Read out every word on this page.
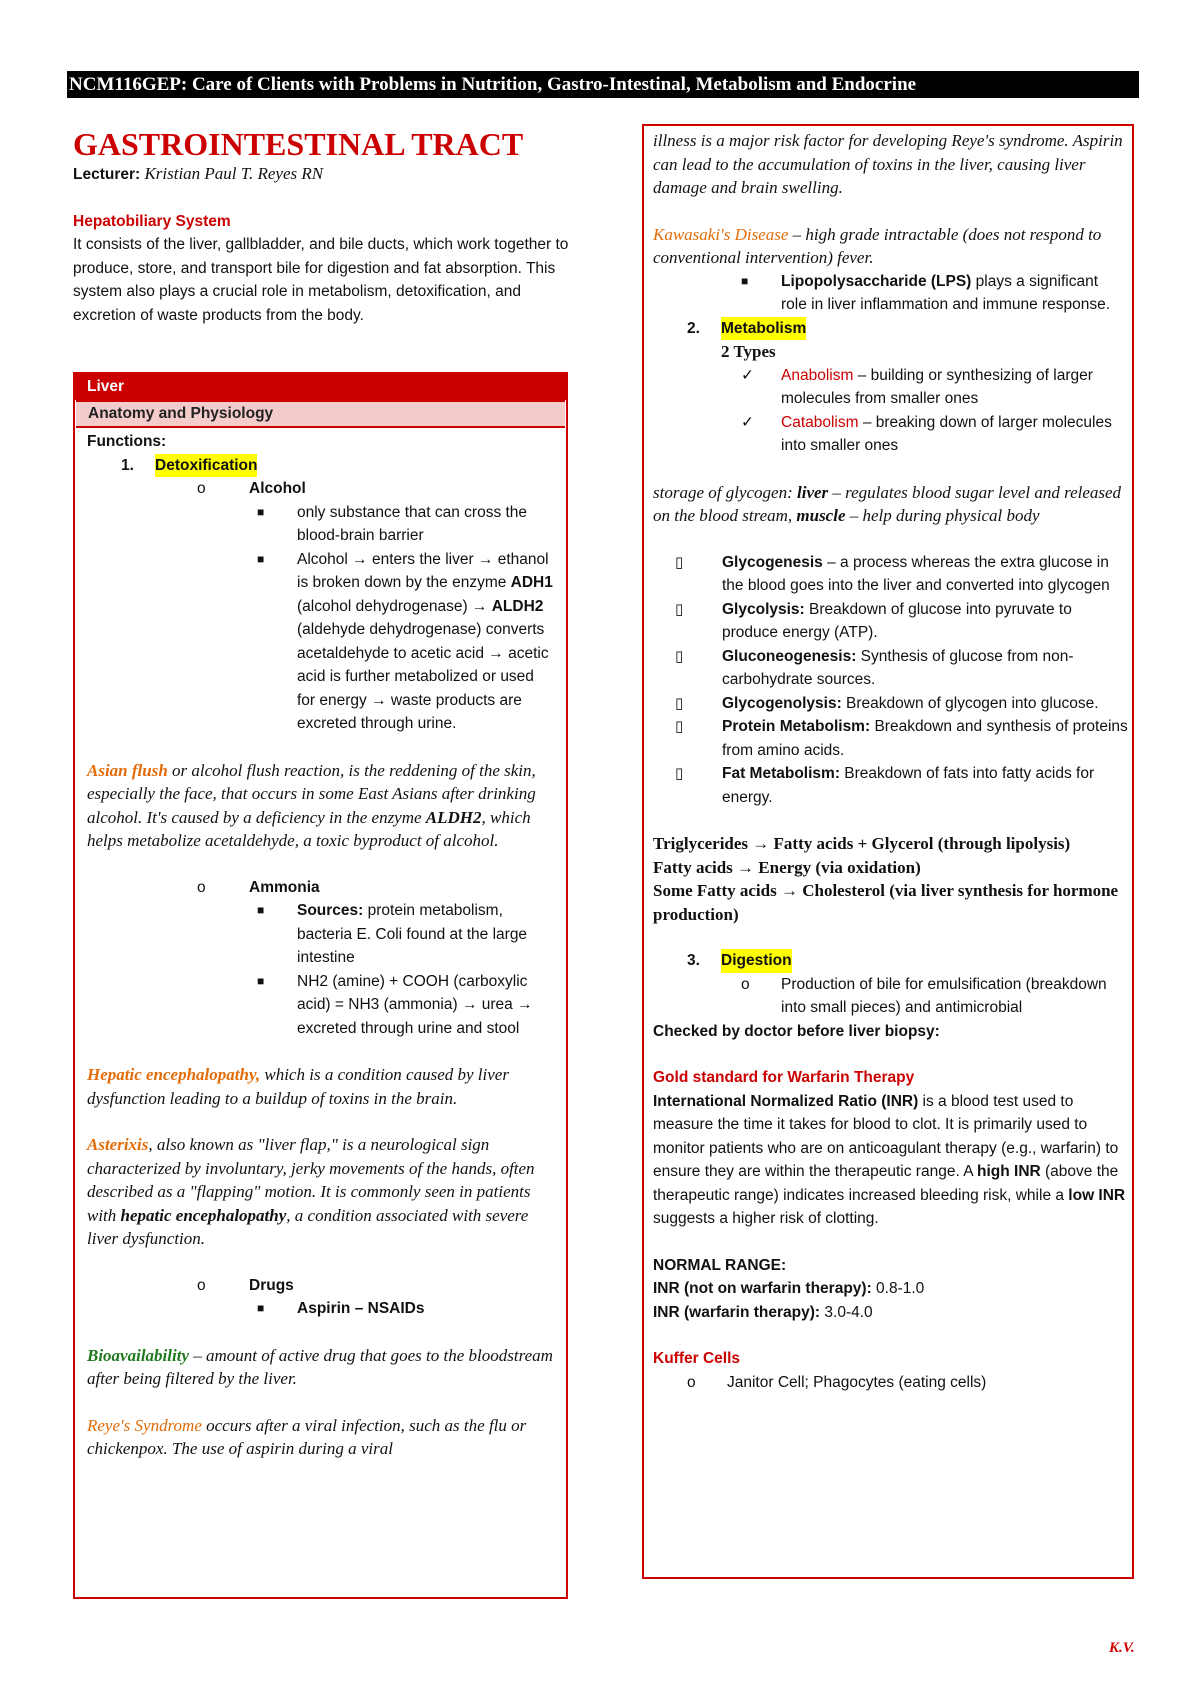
NCM116GEP: Care of Clients with Problems in Nutrition, Gastro-Intestinal, Metabolism and Endocrine

GASTROINTESTINAL TRACT

Lecturer: Kristian Paul T. Reyes RN

Hepatobiliary System

It consists of the liver, gallbladder, and bile ducts, which work together to produce, store, and transport bile for digestion and fat absorption. This system also plays a crucial role in metabolism, detoxification, and excretion of waste products from the body.

Liver
Anatomy and Physiology

Functions:

1.	Detoxification
o	Alcohol
■	only substance that can cross the blood-brain barrier
■	Alcohol → enters the liver → ethanol is broken down by the enzyme ADH1 (alcohol dehydrogenase) → ALDH2 (aldehyde dehydrogenase) converts acetaldehyde to acetic acid → acetic acid is further metabolized or used for energy → waste products are excreted through urine.

Asian flush or alcohol flush reaction, is the reddening of the skin, especially the face, that occurs in some East Asians after drinking alcohol. It's caused by a deficiency in the enzyme ALDH2, which helps metabolize acetaldehyde, a toxic byproduct of alcohol.

o	Ammonia
■	Sources: protein metabolism, bacteria E. Coli found at the large intestine
■	NH2 (amine) + COOH (carboxylic acid) = NH3 (ammonia) → urea → excreted through urine and stool

Hepatic encephalopathy, which is a condition caused by liver dysfunction leading to a buildup of toxins in the brain.

Asterixis, also known as "liver flap," is a neurological sign characterized by involuntary, jerky movements of the hands, often described as a "flapping" motion. It is commonly seen in patients with hepatic encephalopathy, a condition associated with severe liver dysfunction.

o	Drugs
■	Aspirin – NSAIDs

Bioavailability – amount of active drug that goes to the bloodstream after being filtered by the liver.

Reye's Syndrome occurs after a viral infection, such as the flu or chickenpox. The use of aspirin during a viral

illness is a major risk factor for developing Reye's syndrome. Aspirin can lead to the accumulation of toxins in the liver, causing liver damage and brain swelling.

Kawasaki's Disease – high grade intractable (does not respond to conventional intervention) fever.

■	Lipopolysaccharide (LPS) plays a significant role in liver inflammation and immune response.
2.	Metabolism

2 Types

✓	Anabolism – building or synthesizing of larger molecules from smaller ones
✓	Catabolism – breaking down of larger molecules into smaller ones

storage of glycogen: liver – regulates blood sugar level and released on the blood stream, muscle – help during physical body

▯	Glycogenesis – a process whereas the extra glucose in the blood goes into the liver and converted into glycogen
▯	Glycolysis: Breakdown of glucose into pyruvate to produce energy (ATP).
▯	Gluconeogenesis: Synthesis of glucose from non-carbohydrate sources.
▯	Glycogenolysis: Breakdown of glycogen into glucose.
▯	Protein Metabolism: Breakdown and synthesis of proteins from amino acids.
▯	Fat Metabolism: Breakdown of fats into fatty acids for energy.

Triglycerides → Fatty acids + Glycerol (through lipolysis)

Fatty acids → Energy (via oxidation)

Some Fatty acids → Cholesterol (via liver synthesis for hormone production)

3.	Digestion
o	Production of bile for emulsification (breakdown into small pieces) and antimicrobial

Checked by doctor before liver biopsy:

Gold standard for Warfarin Therapy

International Normalized Ratio (INR) is a blood test used to measure the time it takes for blood to clot. It is primarily used to monitor patients who are on anticoagulant therapy (e.g., warfarin) to ensure they are within the therapeutic range. A high INR (above the therapeutic range) indicates increased bleeding risk, while a low INR suggests a higher risk of clotting.

NORMAL RANGE:

INR (not on warfarin therapy): 0.8-1.0

INR (warfarin therapy): 3.0-4.0

Kuffer Cells

o	Janitor Cell; Phagocytes (eating cells)
K.V.
